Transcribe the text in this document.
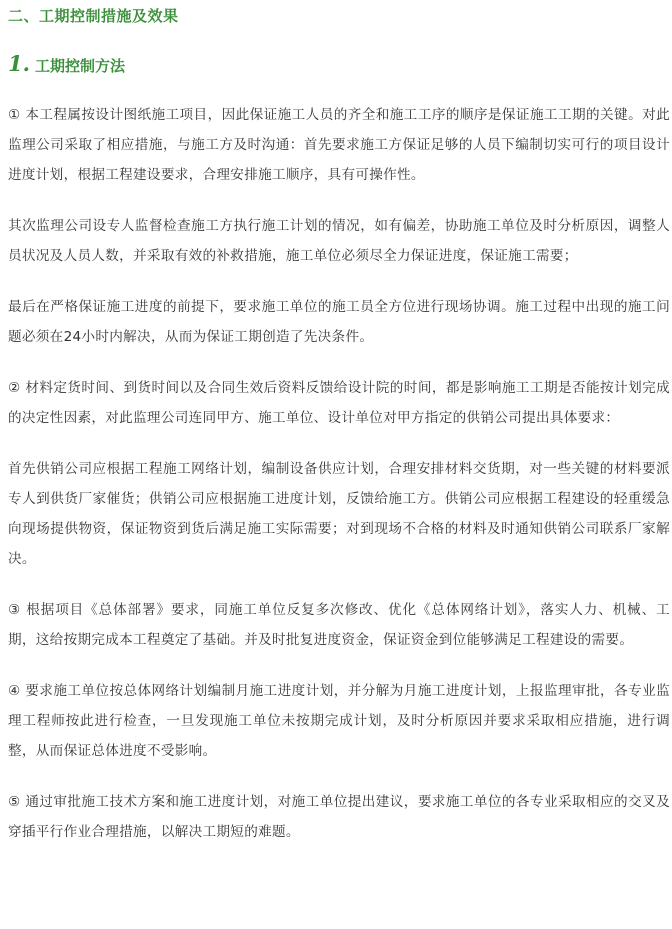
二、工期控制措施及效果
1. 工期控制方法

① 本工程属按设计图纸施工项目，因此保证施工人员的齐全和施工工序的顺序是保证施工工期的关键。对此监理公司采取了相应措施，与施工方及时沟通：首先要求施工方保证足够的人员下编制切实可行的项目设计进度计划，根据工程建设要求，合理安排施工顺序，具有可操作性。

其次监理公司设专人监督检查施工方执行施工计划的情况，如有偏差，协助施工单位及时分析原因，调整人员状况及人员人数，并采取有效的补救措施，施工单位必须尽全力保证进度，保证施工需要；

最后在严格保证施工进度的前提下，要求施工单位的施工员全方位进行现场协调。施工过程中出现的施工问题必须在24小时内解决，从而为保证工期创造了先决条件。

② 材料定货时间、到货时间以及合同生效后资料反馈给设计院的时间，都是影响施工工期是否能按计划完成的决定性因素，对此监理公司连同甲方、施工单位、设计单位对甲方指定的供销公司提出具体要求：

首先供销公司应根据工程施工网络计划，编制设备供应计划，合理安排材料交货期，对一些关键的材料要派专人到供货厂家催货；供销公司应根据施工进度计划，反馈给施工方。供销公司应根据工程建设的轻重缓急向现场提供物资，保证物资到货后满足施工实际需要；对到现场不合格的材料及时通知供销公司联系厂家解决。

③ 根据项目《总体部署》要求，同施工单位反复多次修改、优化《总体网络计划》，落实人力、机械、工期，这给按期完成本工程奠定了基础。并及时批复进度资金，保证资金到位能够满足工程建设的需要。

④ 要求施工单位按总体网络计划编制月施工进度计划，并分解为月施工进度计划，上报监理审批，各专业监理工程师按此进行检查，一旦发现施工单位未按期完成计划，及时分析原因并要求采取相应措施，进行调整，从而保证总体进度不受影响。

⑤ 通过审批施工技术方案和施工进度计划，对施工单位提出建议，要求施工单位的各专业采取相应的交叉及穿插平行作业合理措施，以解决工期短的难题。
